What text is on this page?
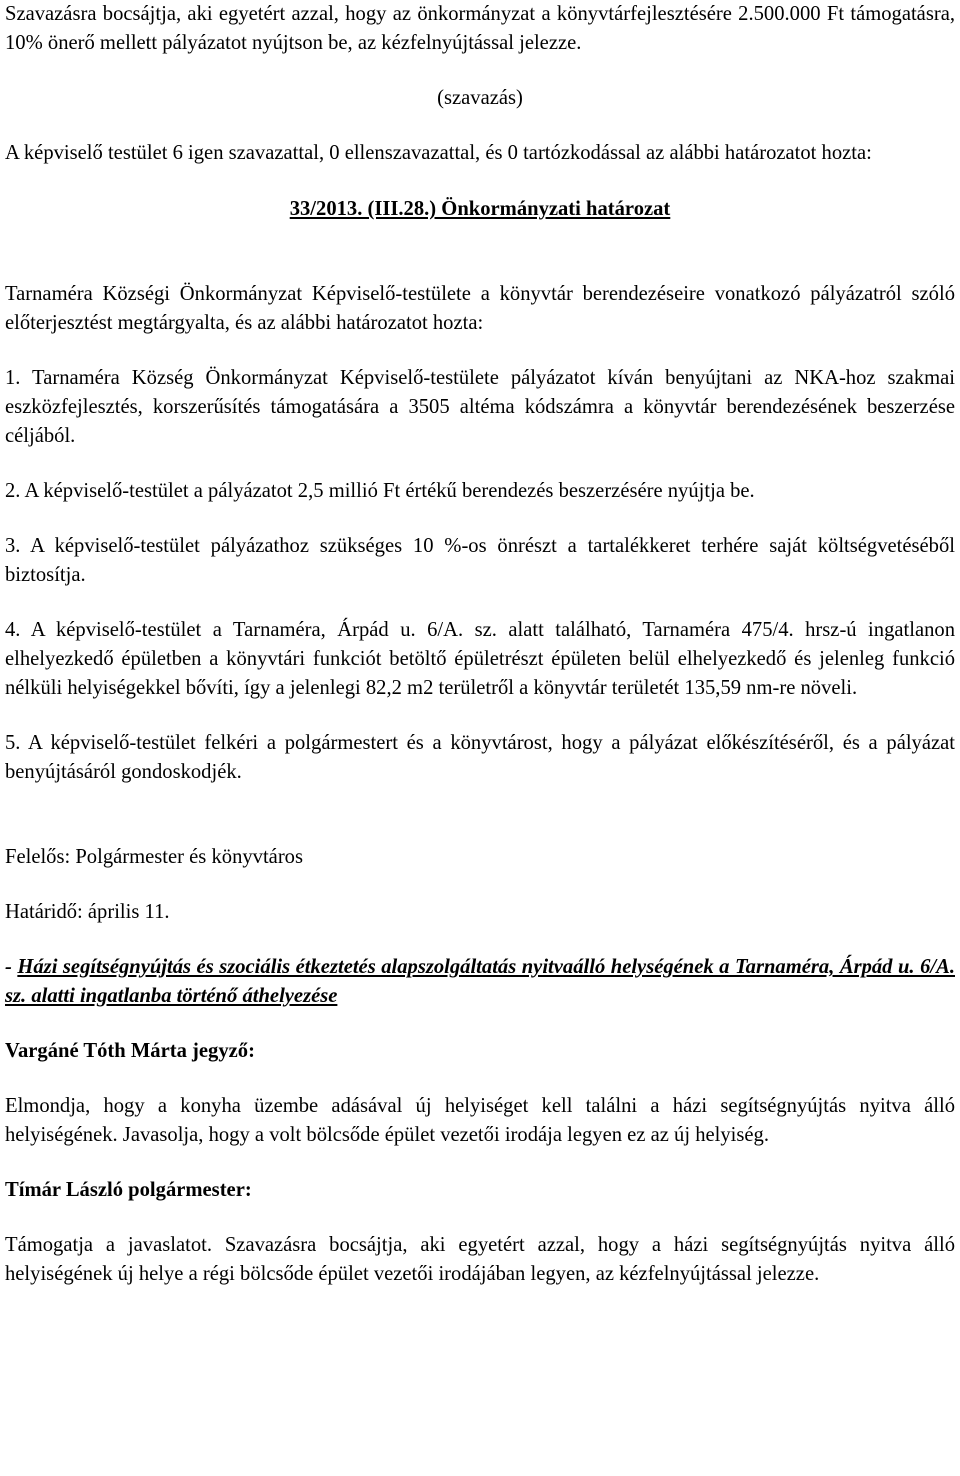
Szavazásra bocsájtja, aki egyetért azzal, hogy az önkormányzat a könyvtárfejlesztésére 2.500.000 Ft támogatásra, 10% önerő mellett pályázatot nyújtson be, az kézfelnyújtással jelezze.

(szavazás)

A képviselő testület 6 igen szavazattal, 0 ellenszavazattal, és 0 tartózkodással az alábbi határozatot hozta:

33/2013. (III.28.) Önkormányzati határozat

Tarnaméra Községi Önkormányzat Képviselő-testülete a könyvtár berendezéseire vonatkozó pályázatról szóló előterjesztést megtárgyalta, és az alábbi határozatot hozta:

1. Tarnaméra Község Önkormányzat Képviselő-testülete pályázatot kíván benyújtani az NKA-hoz szakmai eszközfejlesztés, korszerűsítés támogatására a 3505 altéma kódszámra a könyvtár berendezésének beszerzése céljából.

2. A képviselő-testület a pályázatot 2,5 millió Ft értékű berendezés beszerzésére nyújtja be.

3. A képviselő-testület pályázathoz szükséges 10 %-os önrészt a tartalékkeret terhére saját költségvetéséből biztosítja.

4. A képviselő-testület a Tarnaméra, Árpád u. 6/A. sz. alatt található, Tarnaméra 475/4. hrsz-ú ingatlanon elhelyezkedő épületben a könyvtári funkciót betöltő épületrészt épületen belül elhelyezkedő és jelenleg funkció nélküli helyiségekkel bővíti, így a jelenlegi 82,2 m2 területről a könyvtár területét 135,59 nm-re növeli.

5. A képviselő-testület felkéri a polgármestert és a könyvtárost, hogy a pályázat előkészítéséről, és a pályázat benyújtásáról gondoskodjék.

Felelős: Polgármester és könyvtáros

Határidő: április 11.

- Házi segítségnyújtás és szociális étkeztetés alapszolgáltatás nyitvaálló helységének a Tarnaméra, Árpád u. 6/A. sz. alatti ingatlanba történő áthelyezése

Vargáné Tóth Márta jegyző:

Elmondja, hogy a konyha üzembe adásával új helyiséget kell találni a házi segítségnyújtás nyitva álló helyiségének. Javasolja, hogy a volt bölcsőde épület vezetői irodája legyen ez az új helyiség.

Tímár László polgármester:

Támogatja a javaslatot. Szavazásra bocsájtja, aki egyetért azzal, hogy a házi segítségnyújtás nyitva álló helyiségének új helye a régi bölcsőde épület vezetői irodájában legyen, az kézfelnyújtással jelezze.
